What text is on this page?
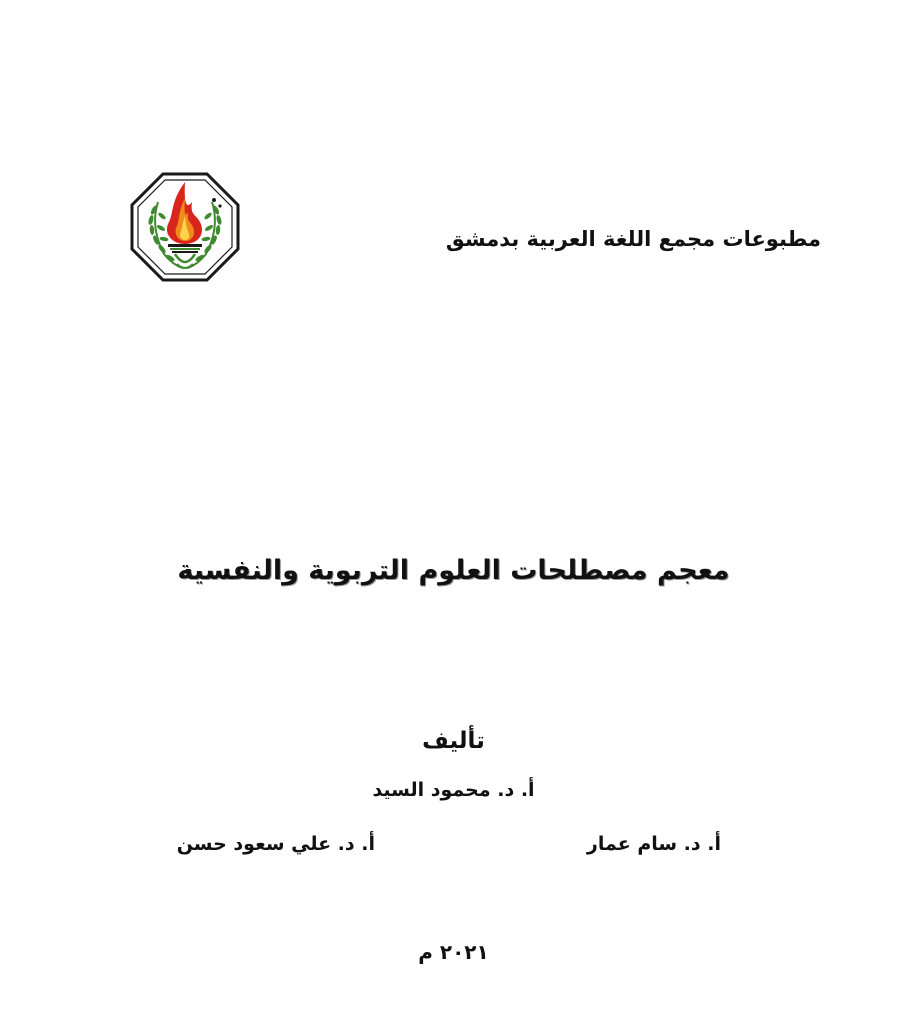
مطبوعات مجمع اللغة العربية بدمشق
معجم مصطلحات العلوم التربوية والنفسية
تأليف
أ. د. محمود السيد
أ. د. سام عمار
أ. د. علي سعود حسن
٢٠٢١ م
